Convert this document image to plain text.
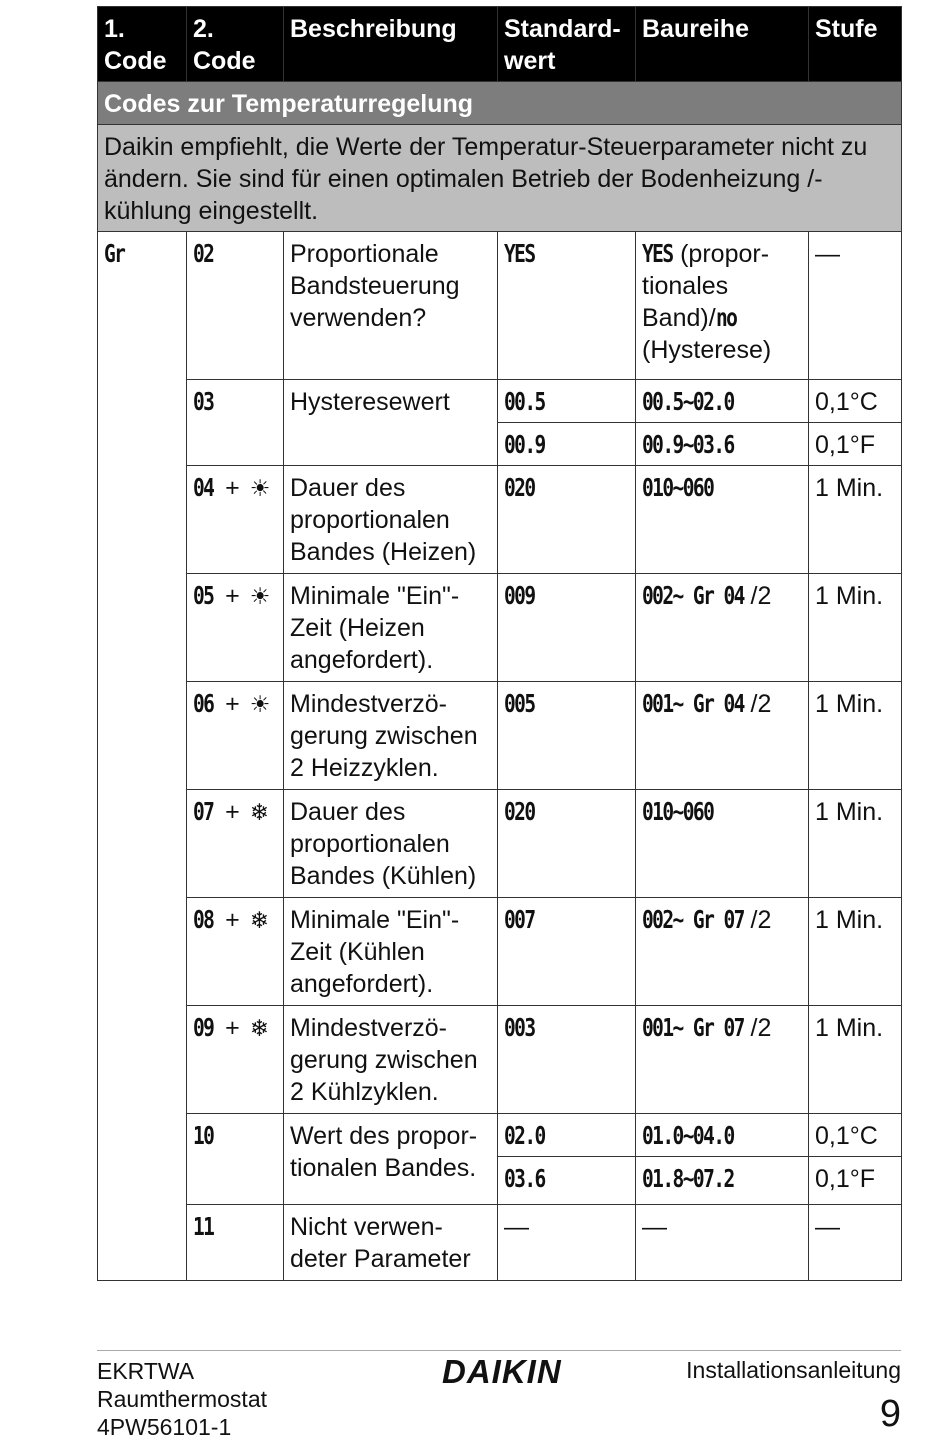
1. Code	2. Code	Beschreibung	Standard- wert	Baureihe	Stufe
Codes zur Temperaturregelung					
Daikin empfiehlt, die Werte der Temperatur-Steuerparameter nicht zu ändern. Sie sind für einen optimalen Betrieb der Bodenheizung /-kühlung eingestellt.					
Gr	02	Proportionale Bandsteuerung verwenden?	YES	YES (propor- tionales Band)/no (Hysterese)	—
	03	Hysteresewert	00.5	00.5~02.0	0,1°C
			00.9	00.9~03.6	0,1°F
	04 + ☀	Dauer des proportionalen Bandes (Heizen)	020	010~060	1 Min.
	05 + ☀	Minimale "Ein"- Zeit (Heizen angefordert).	009	002~ Gr 04 /2	1 Min.
	06 + ☀	Mindestverzö- gerung zwischen 2 Heizzyklen.	005	001~ Gr 04 /2	1 Min.
	07 + ❄	Dauer des proportionalen Bandes (Kühlen)	020	010~060	1 Min.
	08 + ❄	Minimale "Ein"- Zeit (Kühlen angefordert).	007	002~ Gr 07 /2	1 Min.
	09 + ❄	Mindestverzö- gerung zwischen 2 Kühlzyklen.	003	001~ Gr 07 /2	1 Min.
	10	Wert des propor- tionalen Bandes.	02.0	01.0~04.0	0,1°C
			03.6	01.8~07.2	0,1°F
	11	Nicht verwen- deter Parameter	—	—	—
EKRTWA
Raumthermostat
4PW56101-1
DAIKIN	Installationsanleitung
9
